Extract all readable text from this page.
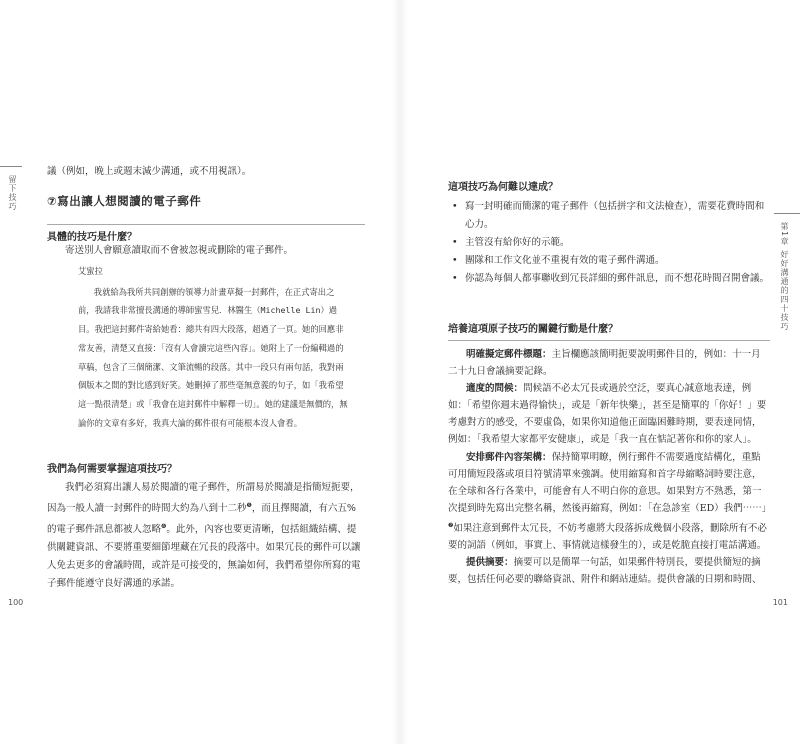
留下技巧

議（例如，晚上或週末減少溝通，或不用視訊）。

⑦寫出讓人想閱讀的電子郵件
具體的技巧是什麼？

寄送別人會願意讀取而不會被忽視或刪除的電子郵件。

艾蜜拉

我就給為我所共同創辦的領導力計畫草擬一封郵件，在正式寄出之前，我請我非常擅長溝通的導師蜜雪兒．林醫生（Michelle Lin）過目。我把這封郵件寄給她看：總共有四大段落，超過了一頁。她的回應非常友善，清楚又直接：「沒有人會讀完這些內容」。她附上了一份編輯過的草稿，包含了三個簡潔、文筆流暢的段落。其中一段只有兩句話，我對兩個版本之間的對比感到好笑。她刪掉了那些毫無意義的句子，如「我希望這一點很清楚」或「我會在這封郵件中解釋一切」。她的建議是無價的，無論你的文章有多好，我真大論的郵件很有可能根本沒人會看。

我們為何需要掌握這項技巧？

我們必須寫出讓人易於閱讀的電子郵件，所謂易於閱讀是指簡短扼要，因為一般人讀一封郵件的時間大約為八到十二秒$^❺$，而且擇閱讀，有六五%的電子郵件訊息都被人忽略$^❻$。此外，內容也要更清晰，包括組織結構、提供關鍵資訊、不要將重要細節埋藏在冗長的段落中。如果冗長的郵件可以讓人免去更多的會議時間，或許是可接受的，無論如何，我們希望你所寫的電子郵件能遵守良好溝通的承諾。

100
第1章 好好溝通的四十技巧
101
這項技巧為何難以達成？
• 寫一封明確而簡潔的電子郵件（包括拼字和文法檢查），需要花費時間和心力。
• 主管沒有給你好的示範。
• 團隊和工作文化並不重視有效的電子郵件溝通。
• 你認為每個人都事聯收到冗長詳細的郵件訊息，而不想花時間召開會議。
培養這項原子技巧的關鍵行動是什麼？

明確擬定郵件標題：主旨欄應該簡明扼要說明郵件目的，例如：十一月二十九日會議摘要記錄。

適度的問候：問候語不必太冗長或過於空泛，要真心誠意地表達，例如：「希望你週末過得愉快」，或是「新年快樂」，甚至是簡單的「你好！」要考慮對方的感受，不要虛偽，如果你知道他正面臨困難時期，要表達同情，例如：「我希望大家都平安健康」，或是「我一直在惦記著你和你的家人」。

安排郵件內容架構：保持簡單明瞭，例行郵件不需要過度結構化，重點可用簡短段落或項目符號清單來強調。使用縮寫和首字母縮略詞時要注意，在全球和各行各業中，可能會有人不明白你的意思。如果對方不熟悉，第一次提到時先寫出完整名稱，然後再縮寫，例如：「在急診室（ED）我們⋯⋯」$^❼$如果注意到郵件太冗長，不妨考慮將大段落拆成幾個小段落，刪除所有不必要的詞語（例如，事實上、事情就這樣發生的），或是乾脆直接打電話溝通。

提供摘要：摘要可以是簡單一句話，如果郵件特別長，要提供簡短的摘要，包括任何必要的聯絡資訊、附件和網站連結。提供會議的日期和時間、
